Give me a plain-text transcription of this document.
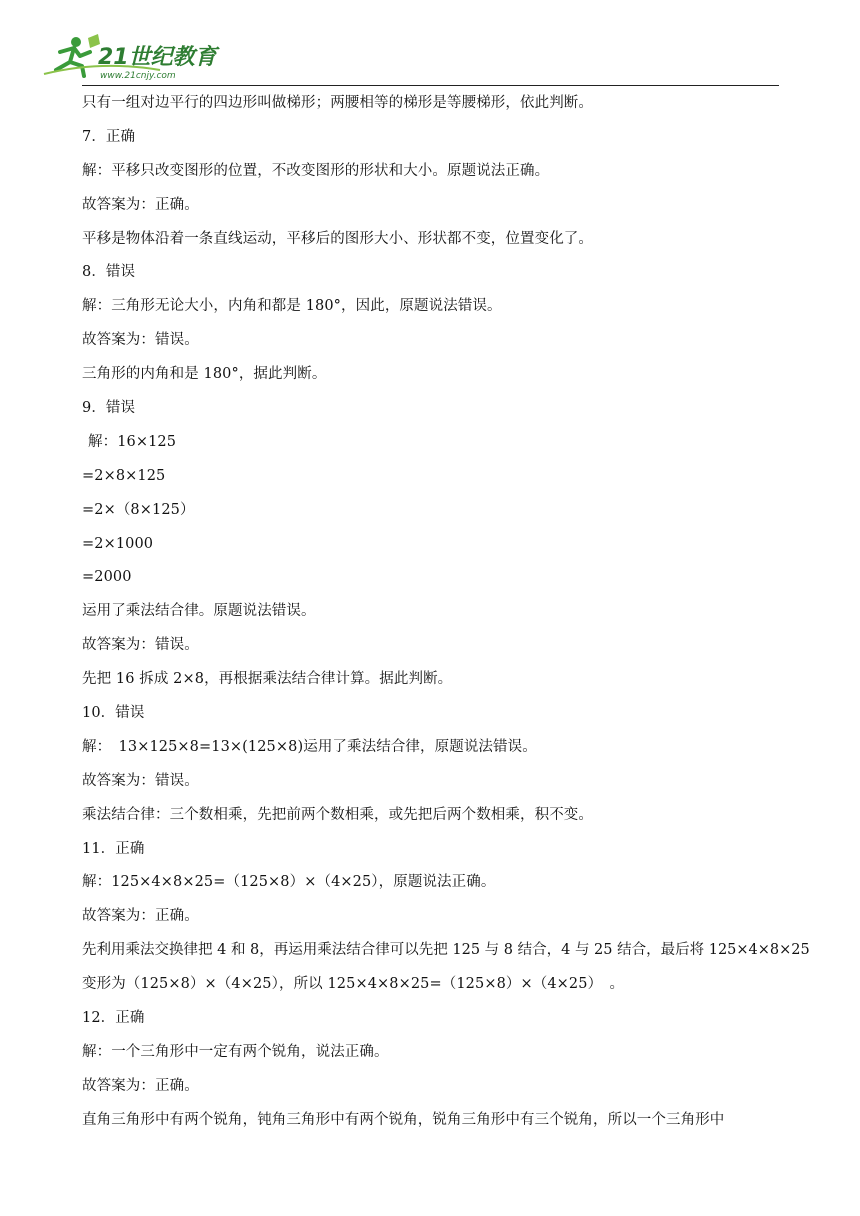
21世纪教育
www.21cnjy.com
只有一组对边平行的四边形叫做梯形；两腰相等的梯形是等腰梯形，依此判断。
7．正确
解：平移只改变图形的位置，不改变图形的形状和大小。原题说法正确。
故答案为：正确。
平移是物体沿着一条直线运动，平移后的图形大小、形状都不变，位置变化了。
8．错误
解：三角形无论大小，内角和都是 180°，因此，原题说法错误。
故答案为：错误。
三角形的内角和是 180°，据此判断。
9．错误
解：16×125
=2×8×125
=2×（8×125）
=2×1000
=2000
运用了乘法结合律。原题说法错误。
故答案为：错误。
先把 16 拆成 2×8，再根据乘法结合律计算。据此判断。
10．错误
解：　13×125×8=13×(125×8)运用了乘法结合律，原题说法错误。
故答案为：错误。
乘法结合律：三个数相乘，先把前两个数相乘，或先把后两个数相乘，积不变。
11．正确
解：125×4×8×25=（125×8）×（4×25），原题说法正确。
故答案为：正确。
先利用乘法交换律把 4 和 8，再运用乘法结合律可以先把 125 与 8 结合，4 与 25 结合，最后将 125×4×8×25
变形为（125×8）×（4×25），所以 125×4×8×25=（125×8）×（4×25）　。
12．正确
解：一个三角形中一定有两个锐角，说法正确。
故答案为：正确。
直角三角形中有两个锐角，钝角三角形中有两个锐角，锐角三角形中有三个锐角，所以一个三角形中
